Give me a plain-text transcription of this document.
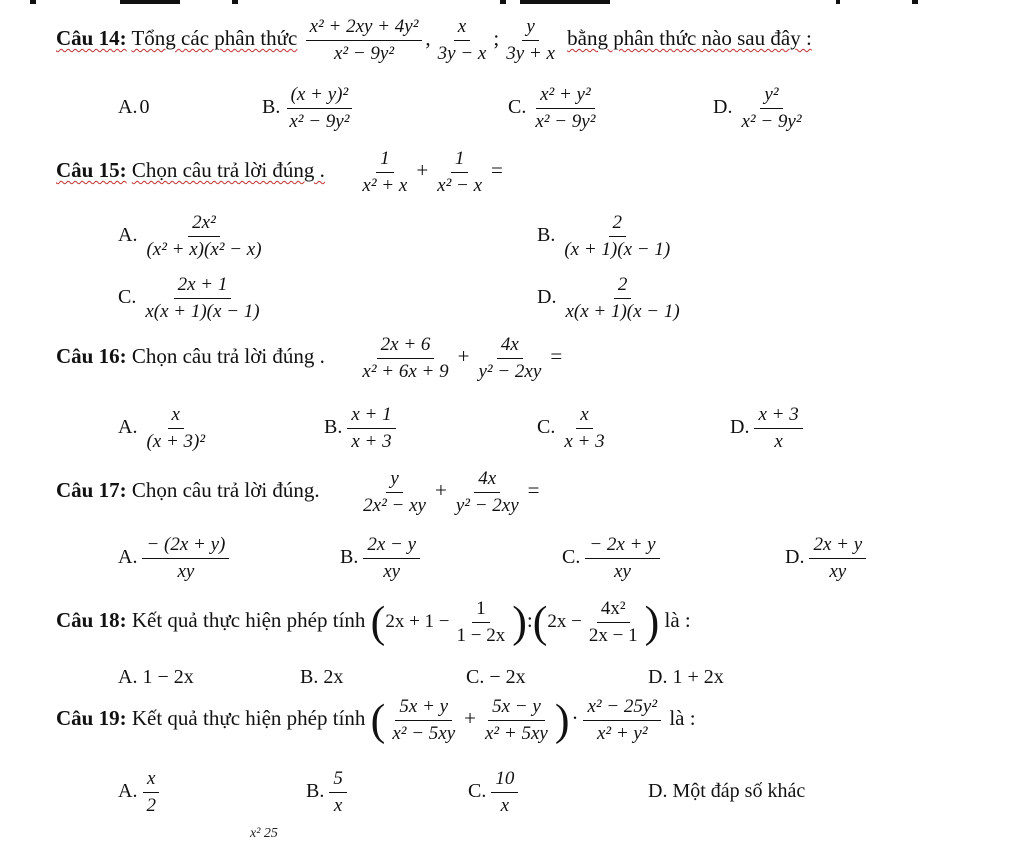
Câu 14: Tổng các phân thức $\frac{\text{x² + 2xy + 4y²}}{\text{x² − 9y²}}$ , $\frac{x}{3y - x}$ ; $\frac{y}{3y + x}$ bằng phân thức nào sau đây :
A. 0	B. $\frac{\text{(x + y)²}}{\text{x² − 9y²}}$	C. $\frac{\text{x² + y²}}{\text{x² − 9y²}}$	D. $\frac{\text{y²}}{\text{x² − 9y²}}$
Câu 15: Chọn câu trả lời đúng . $\frac{1}{\text{x² + x}} + \frac{1}{\text{x² − x}}$ =
A. $\frac{\text{2x²}}{\text{(x² + x)(x² − x)}}$	B. $\frac{2}{(x + 1)(x - 1)}$
C. $\frac{2x + 1}{x(x + 1)(x - 1)}$	D. $\frac{2}{x(x + 1)(x - 1)}$
Câu 16: Chọn câu trả lời đúng . $\frac{2x + 6}{\text{x² + 6x + 9}} + \frac{4x}{\text{y² − 2xy}}$ =
A. $\frac{x}{\text{(x + 3)²}}$	B. $\frac{x + 1}{x + 3}$	C. $\frac{x}{x + 3}$	D. $\frac{x + 3}{x}$
Câu 17: Chọn câu trả lời đúng. $\frac{y}{\text{2x² − xy}} + \frac{4x}{\text{y² − 2xy}}$ =
A. $\frac{- (2x + y)}{xy}$	B. $\frac{2x - y}{xy}$	C. $\frac{- 2x + y}{xy}$	D. $\frac{2x + y}{xy}$
Câu 18: Kết quả thực hiện phép tính ($2x + 1 - \frac{1}{1 - 2x}$ ):(2x − $\frac{\text{4x²}}{2x - 1}$ ) là :
A. 1 − 2x	B. 2x	C. − 2x	D. 1 + 2x
Câu 19: Kết quả thực hiện phép tính ( $\frac{5x + y}{\text{x² − 5xy}} + \frac{5x - y}{\text{x² + 5xy}}$ )· $\frac{\text{x² − 25y²}}{\text{x² + y²}}$ là :
A. $\frac{x}{2}$	B. $\frac{5}{x}$	C. $\frac{10}{x}$	D. Một đáp số khác
x² 25
